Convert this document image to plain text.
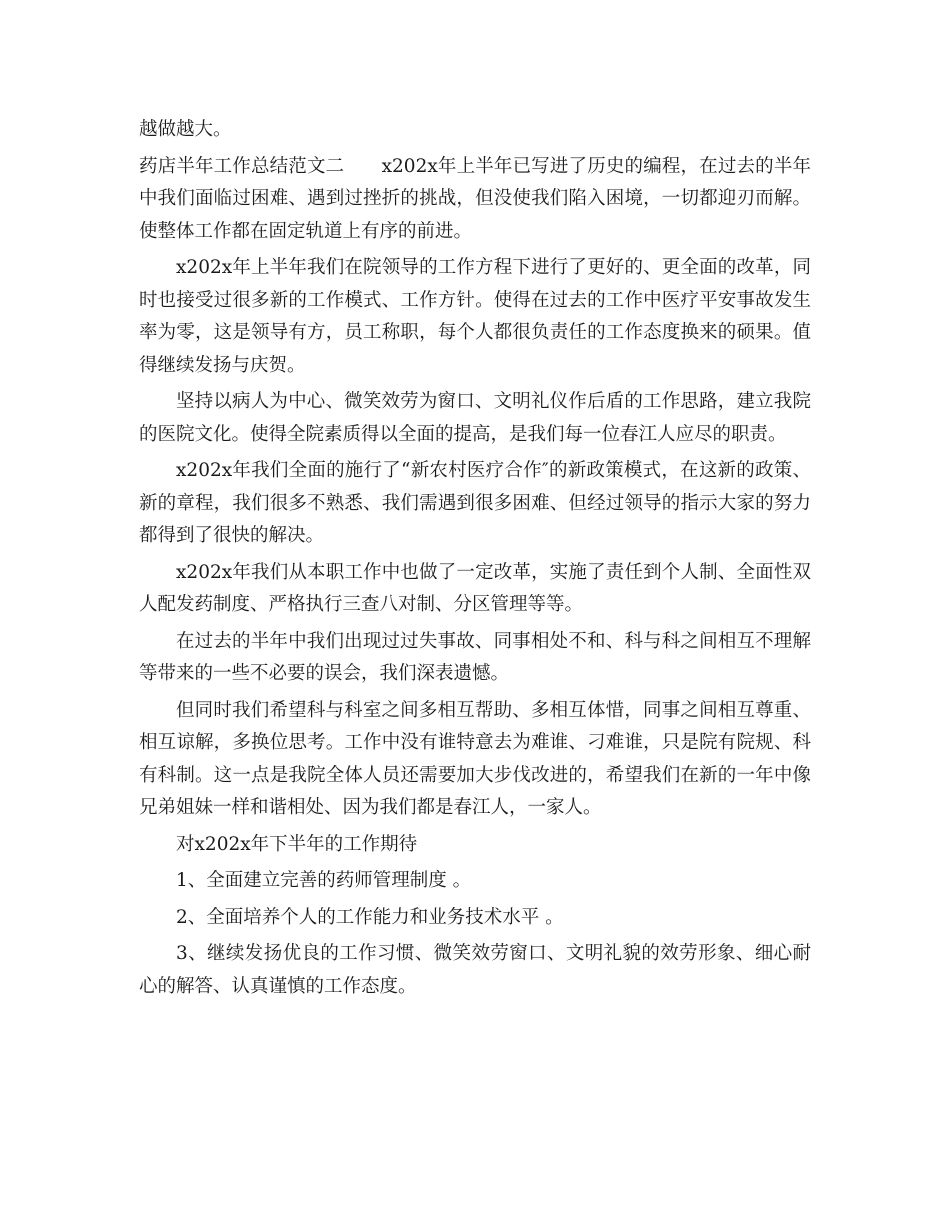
越做越大。

药店半年工作总结范文二　　x202x年上半年已写进了历史的编程，在过去的半年中我们面临过困难、遇到过挫折的挑战，但没使我们陷入困境，一切都迎刃而解。使整体工作都在固定轨道上有序的前进。

x202x年上半年我们在院领导的工作方程下进行了更好的、更全面的改革，同时也接受过很多新的工作模式、工作方针。使得在过去的工作中医疗平安事故发生率为零，这是领导有方，员工称职，每个人都很负责任的工作态度换来的硕果。值得继续发扬与庆贺。

坚持以病人为中心、微笑效劳为窗口、文明礼仪作后盾的工作思路，建立我院的医院文化。使得全院素质得以全面的提高，是我们每一位春江人应尽的职责。

x202x年我们全面的施行了“新农村医疗合作″的新政策模式，在这新的政策、新的章程，我们很多不熟悉、我们需遇到很多困难、但经过领导的指示大家的努力都得到了很快的解决。

x202x年我们从本职工作中也做了一定改革，实施了责任到个人制、全面性双人配发药制度、严格执行三查八对制、分区管理等等。

在过去的半年中我们出现过过失事故、同事相处不和、科与科之间相互不理解等带来的一些不必要的误会，我们深表遗憾。

但同时我们希望科与科室之间多相互帮助、多相互体惜，同事之间相互尊重、相互谅解，多换位思考。工作中没有谁特意去为难谁、刁难谁，只是院有院规、科有科制。这一点是我院全体人员还需要加大步伐改进的，希望我们在新的一年中像兄弟姐妹一样和谐相处、因为我们都是春江人，一家人。

对x202x年下半年的工作期待

1、全面建立完善的药师管理制度 。

2、全面培养个人的工作能力和业务技术水平 。

3、继续发扬优良的工作习惯、微笑效劳窗口、文明礼貌的效劳形象、细心耐心的解答、认真谨慎的工作态度。
